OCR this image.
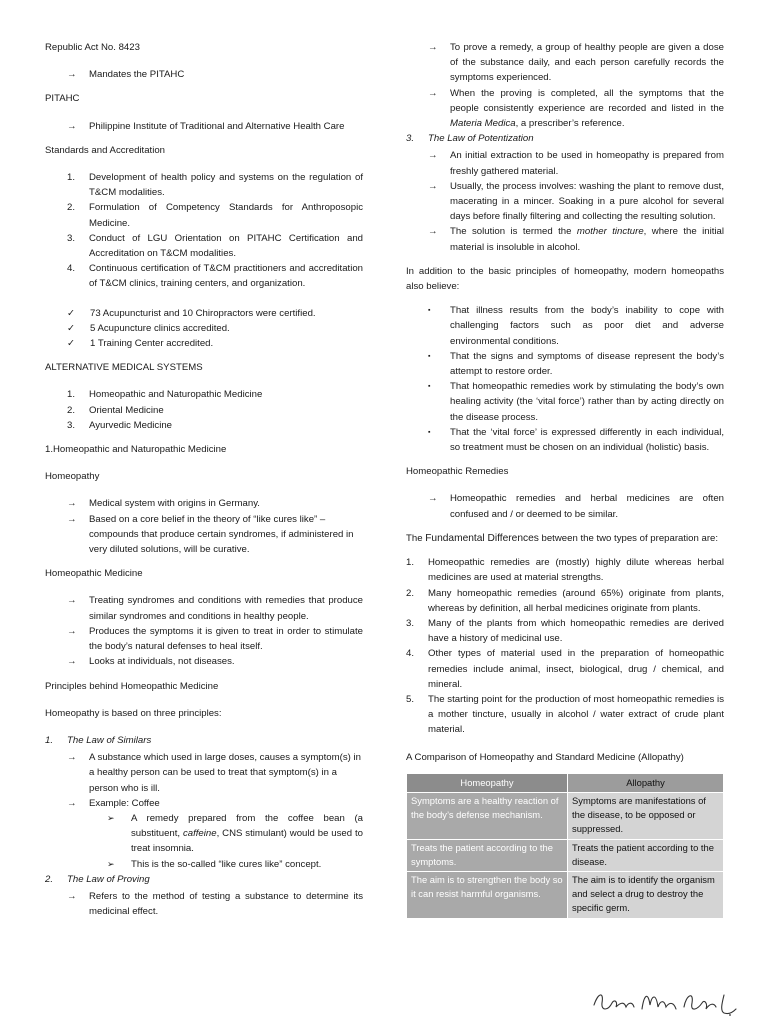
Republic Act No. 8423
→	Mandates the PITAHC
PITAHC
→	Philippine Institute of Traditional and Alternative Health Care
Standards and Accreditation
1.	Development of health policy and systems on the regulation of T&CM modalities.
2.	Formulation of Competency Standards for Anthroposopic Medicine.
3.	Conduct of LGU Orientation on PITAHC Certification and Accreditation on T&CM modalities.
4.	Continuous certification of T&CM practitioners and accreditation of T&CM clinics, training centers, and organization.
✓	73 Acupuncturist and 10 Chiropractors were certified.
✓	5 Acupuncture clinics accredited.
✓	1 Training Center accredited.
ALTERNATIVE MEDICAL SYSTEMS
1.	Homeopathic and Naturopathic Medicine
2.	Oriental Medicine
3.	Ayurvedic Medicine
1.Homeopathic and Naturopathic Medicine
Homeopathy
→	Medical system with origins in Germany.
→	Based on a core belief in the theory of “like cures like” – compounds that produce certain syndromes, if administered in very diluted solutions, will be curative.
Homeopathic Medicine
→	Treating syndromes and conditions with remedies that produce similar syndromes and conditions in healthy people.
→	Produces the symptoms it is given to treat in order to stimulate the body’s natural defenses to heal itself.
→	Looks at individuals, not diseases.
Principles behind Homeopathic Medicine
Homeopathy is based on three principles:
1.	The Law of Similars
→	A substance which used in large doses, causes a symptom(s) in a healthy person can be used to treat that symptom(s) in a person who is ill.
→	Example: Coffee
➢	A remedy prepared from the coffee bean (a substituent, caffeine, CNS stimulant) would be used to treat insomnia.
➢	This is the so-called “like cures like” concept.
2.	The Law of Proving
→	Refers to the method of testing a substance to determine its medicinal effect.
→	To prove a remedy, a group of healthy people are given a dose of the substance daily, and each person carefully records the symptoms experienced.
→	When the proving is completed, all the symptoms that the people consistently experience are recorded and listed in the Materia Medica, a prescriber’s reference.
3.	The Law of Potentization
→	An initial extraction to be used in homeopathy is prepared from freshly gathered material.
→	Usually, the process involves: washing the plant to remove dust, macerating in a mincer. Soaking in a pure alcohol for several days before finally filtering and collecting the resulting solution.
→	The solution is termed the mother tincture, where the initial material is insoluble in alcohol.

In addition to the basic principles of homeopathy, modern homeopaths also believe:

▪	That illness results from the body’s inability to cope with challenging factors such as poor diet and adverse environmental conditions.
▪	That the signs and symptoms of disease represent the body’s attempt to restore order.
▪	That homeopathic remedies work by stimulating the body’s own healing activity (the ‘vital force’) rather than by acting directly on the disease process.
▪	That the ‘vital force’ is expressed differently in each individual, so treatment must be chosen on an individual (holistic) basis.
Homeopathic Remedies
→	Homeopathic remedies and herbal medicines are often confused and / or deemed to be similar.

The Fundamental Differences between the two types of preparation are:

1.	Homeopathic remedies are (mostly) highly dilute whereas herbal medicines are used at material strengths.
2.	Many homeopathic remedies (around 65%) originate from plants, whereas by definition, all herbal medicines originate from plants.
3.	Many of the plants from which homeopathic remedies are derived have a history of medicinal use.
4.	Other types of material used in the preparation of homeopathic remedies include animal, insect, biological, drug / chemical, and mineral.
5.	The starting point for the production of most homeopathic remedies is a mother tincture, usually in alcohol / water extract of crude plant material.
A Comparison of Homeopathy and Standard Medicine (Allopathy)
Homeopathy	Allopathy
Symptoms are a healthy reaction of the body’s defense mechanism.	Symptoms are manifestations of the disease, to be opposed or suppressed.
Treats the patient according to the symptoms.	Treats the patient according to the disease.
The aim is to strengthen the body so it can resist harmful organisms.	The aim is to identify the organism and select a drug to destroy the specific germ.
